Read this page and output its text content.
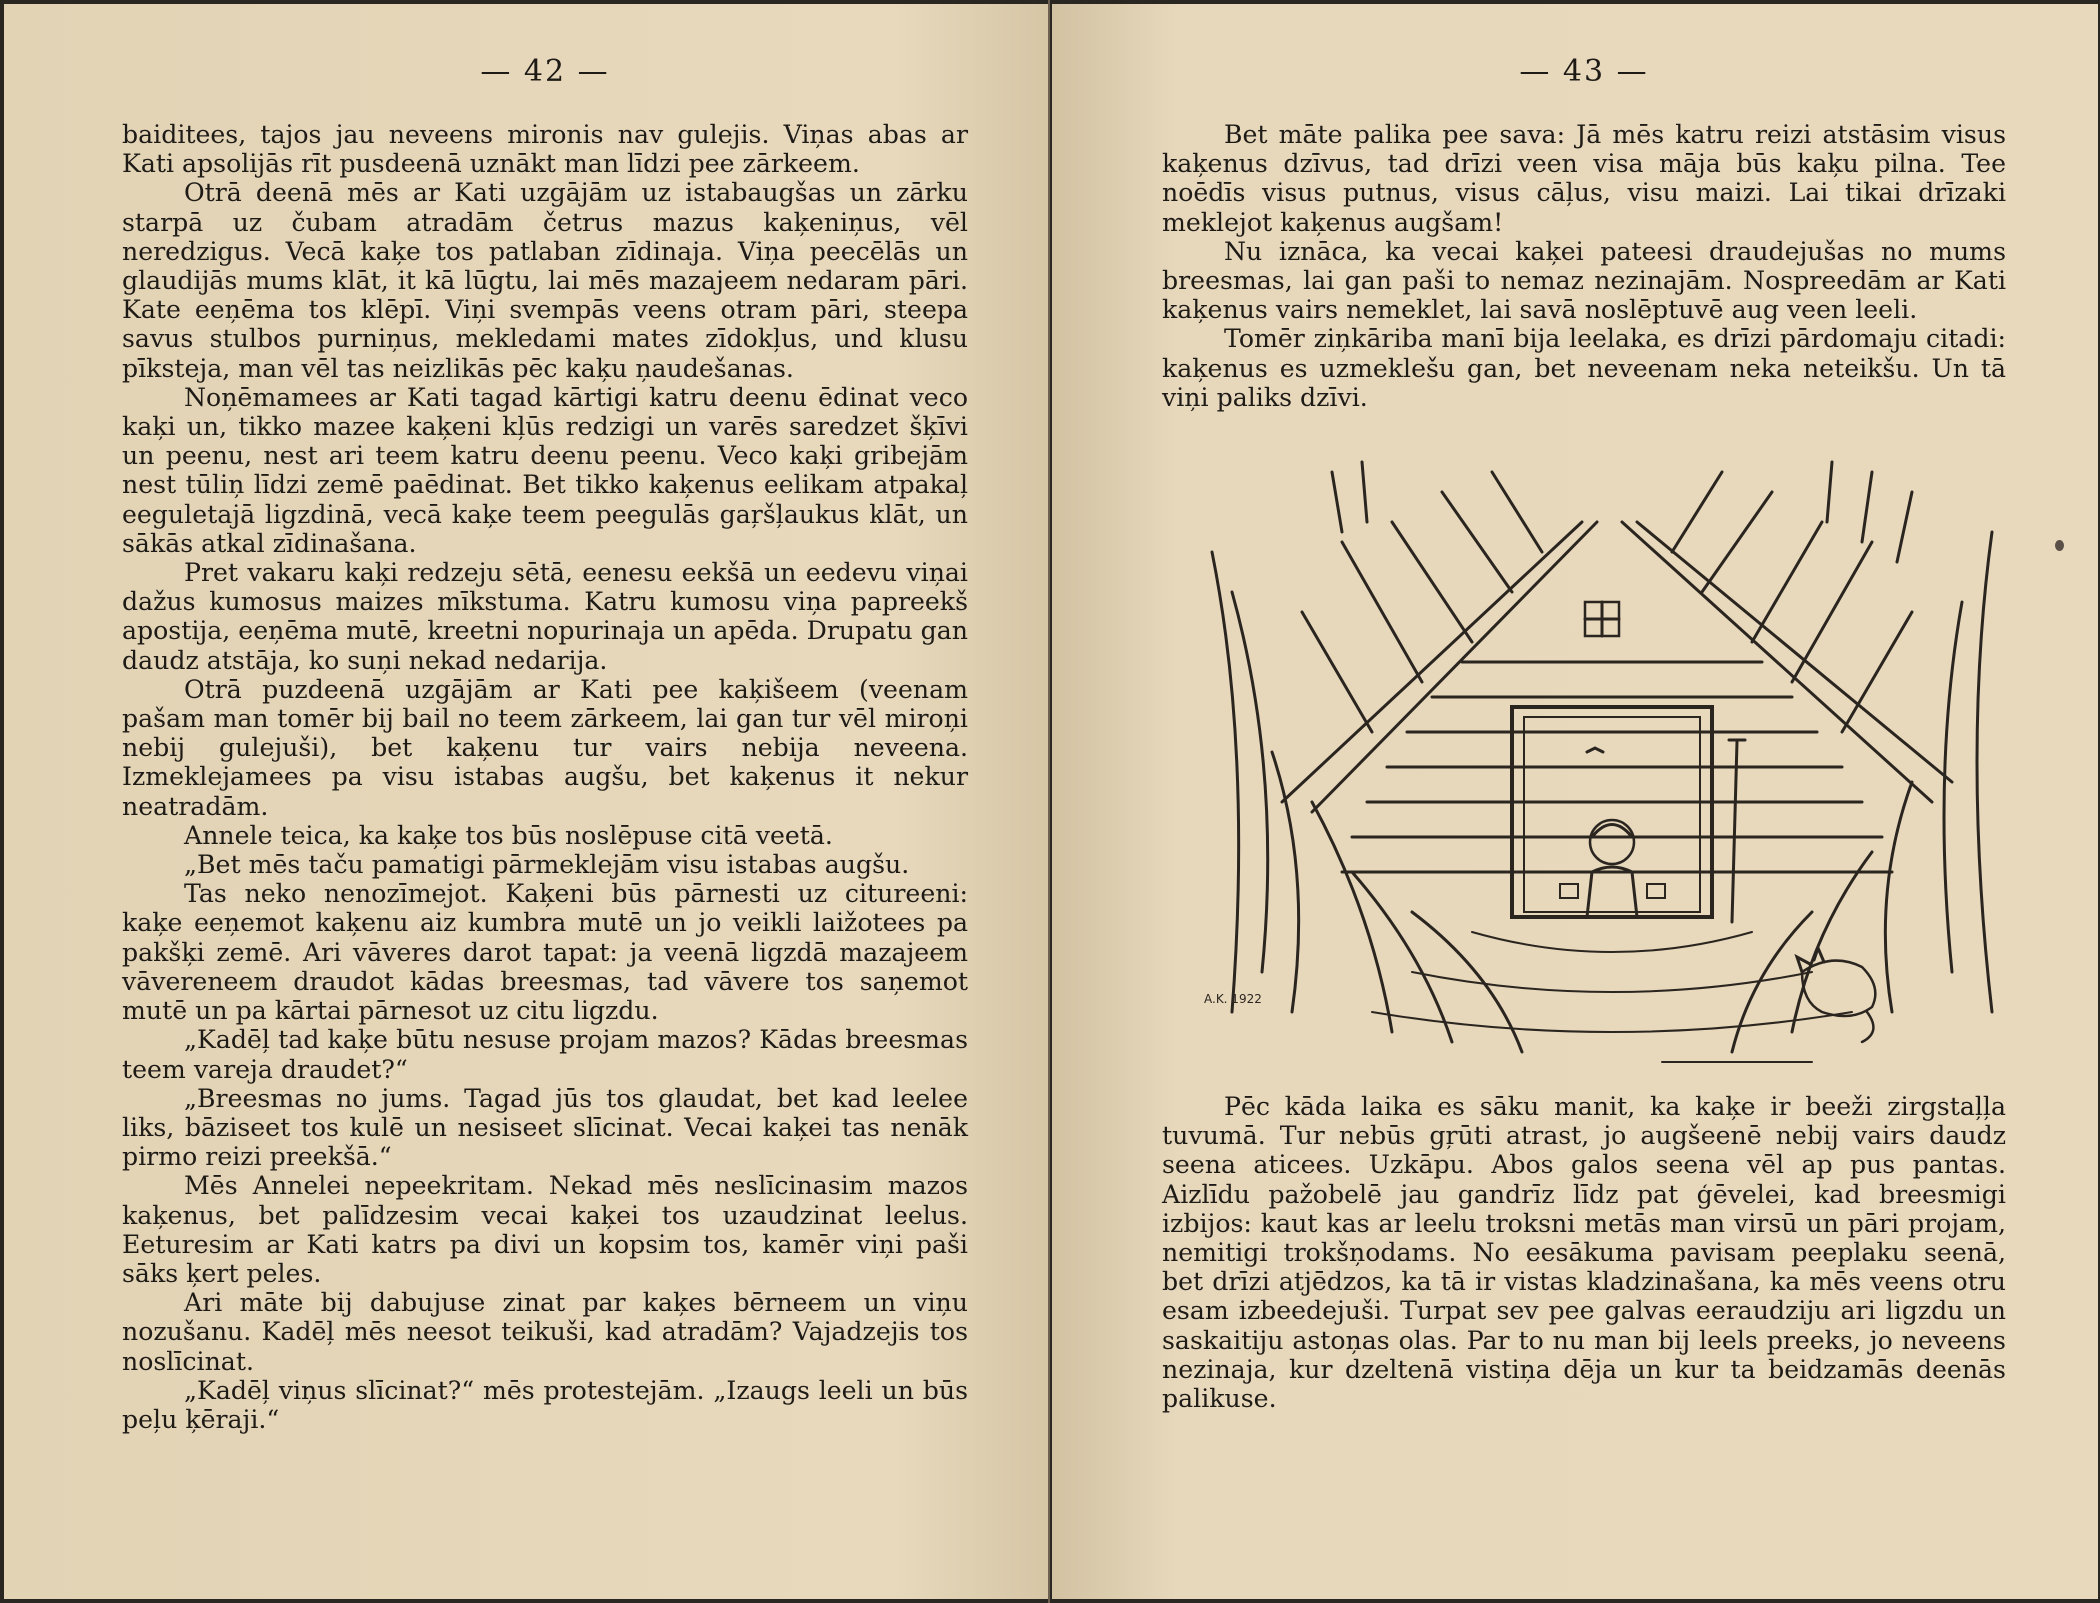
— 42 —

baiditees, tajos jau neveens mironis nav gulejis. Viņas abas ar Kati apsolijās rīt pusdeenā uznākt man līdzi pee zārkeem.

Otrā deenā mēs ar Kati uzgājām uz istabaugšas un zārku starpā uz čubam atradām četrus mazus kaķeniņus, vēl neredzigus. Vecā kaķe tos patlaban zīdinaja. Viņa peecēlās un glaudijās mums klāt, it kā lūgtu, lai mēs mazajeem nedaram pāri. Kate eeņēma tos klēpī. Viņi svempās veens otram pāri, steepa savus stulbos purniņus, mekledami mates zīdokļus, und klusu pīksteja, man vēl tas neizlikās pēc kaķu ņaudešanas.

Noņēmamees ar Kati tagad kārtigi katru deenu ēdinat veco kaķi un, tikko mazee kaķeni kļūs redzigi un varēs saredzet šķīvi un peenu, nest ari teem katru deenu peenu. Veco kaķi gribejām nest tūliņ līdzi zemē paēdinat. Bet tikko kaķenus eelikam atpakaļ eeguletajā ligzdinā, vecā kaķe teem peegulās gaŗšļaukus klāt, un sākās atkal zīdinašana.

Pret vakaru kaķi redzeju sētā, eenesu eekšā un eedevu viņai dažus kumosus maizes mīkstuma. Katru kumosu viņa papreekš apostija, eeņēma mutē, kreetni nopurinaja un apēda. Drupatu gan daudz atstāja, ko suņi nekad nedarija.

Otrā puzdeenā uzgājām ar Kati pee kaķišeem (veenam pašam man tomēr bij bail no teem zārkeem, lai gan tur vēl miroņi nebij gulejuši), bet kaķenu tur vairs nebija neveena. Izmeklejamees pa visu istabas augšu, bet kaķenus it nekur neatradām.

Annele teica, ka kaķe tos būs noslēpuse citā veetā.

„Bet mēs taču pamatigi pārmeklejām visu istabas augšu.

Tas neko nenozīmejot. Kaķeni būs pārnesti uz citureeni: kaķe eeņemot kaķenu aiz kumbra mutē un jo veikli laižotees pa pakšķi zemē. Ari vāveres darot tapat: ja veenā ligzdā mazajeem vāvereneem draudot kādas breesmas, tad vāvere tos saņemot mutē un pa kārtai pārnesot uz citu ligzdu.

„Kadēļ tad kaķe būtu nesuse projam mazos? Kādas breesmas teem vareja draudet?“

„Breesmas no jums. Tagad jūs tos glaudat, bet kad leelee liks, bāziseet tos kulē un nesiseet slīcinat. Vecai kaķei tas nenāk pirmo reizi preekšā.“

Mēs Annelei nepeekritam. Nekad mēs neslīcinasim mazos kaķenus, bet palīdzesim vecai kaķei tos uzaudzinat leelus. Eeturesim ar Kati katrs pa divi un kopsim tos, kamēr viņi paši sāks ķert peles.

Ari māte bij dabujuse zinat par kaķes bērneem un viņu nozušanu. Kadēļ mēs neesot teikuši, kad atradām? Vajadzejis tos noslīcinat.

„Kadēļ viņus slīcinat?“ mēs protestejām. „Izaugs leeli un būs peļu ķēraji.“

— 43 —

Bet māte palika pee sava: Jā mēs katru reizi atstāsim visus kaķenus dzīvus, tad drīzi veen visa māja būs kaķu pilna. Tee noēdīs visus putnus, visus cāļus, visu maizi. Lai tikai drīzaki meklejot kaķenus augšam!

Nu iznāca, ka vecai kaķei pateesi draudejušas no mums breesmas, lai gan paši to nemaz nezinajām. Nospreedām ar Kati kaķenus vairs nemeklet, lai savā noslēptuvē aug veen leeli.

Tomēr ziņkāriba manī bija leelaka, es drīzi pārdomaju citadi: kaķenus es uzmeklešu gan, bet neveenam neka neteikšu. Un tā viņi paliks dzīvi.

A.K. 1922

Pēc kāda laika es sāku manit, ka kaķe ir beeži zirgstaļļa tuvumā. Tur nebūs gŗūti atrast, jo augšeenē nebij vairs daudz seena aticees. Uzkāpu. Abos galos seena vēl ap pus pantas. Aizlīdu pažobelē jau gandrīz līdz pat ģēvelei, kad breesmigi izbijos: kaut kas ar leelu troksni metās man virsū un pāri projam, nemitigi trokšņodams. No eesākuma pavisam peeplaku seenā, bet drīzi atjēdzos, ka tā ir vistas kladzinašana, ka mēs veens otru esam izbeedejuši. Turpat sev pee galvas eeraudziju ari ligzdu un saskaitiju astoņas olas. Par to nu man bij leels preeks, jo neveens nezinaja, kur dzeltenā vistiņa dēja un kur ta beidzamās deenās palikuse.
